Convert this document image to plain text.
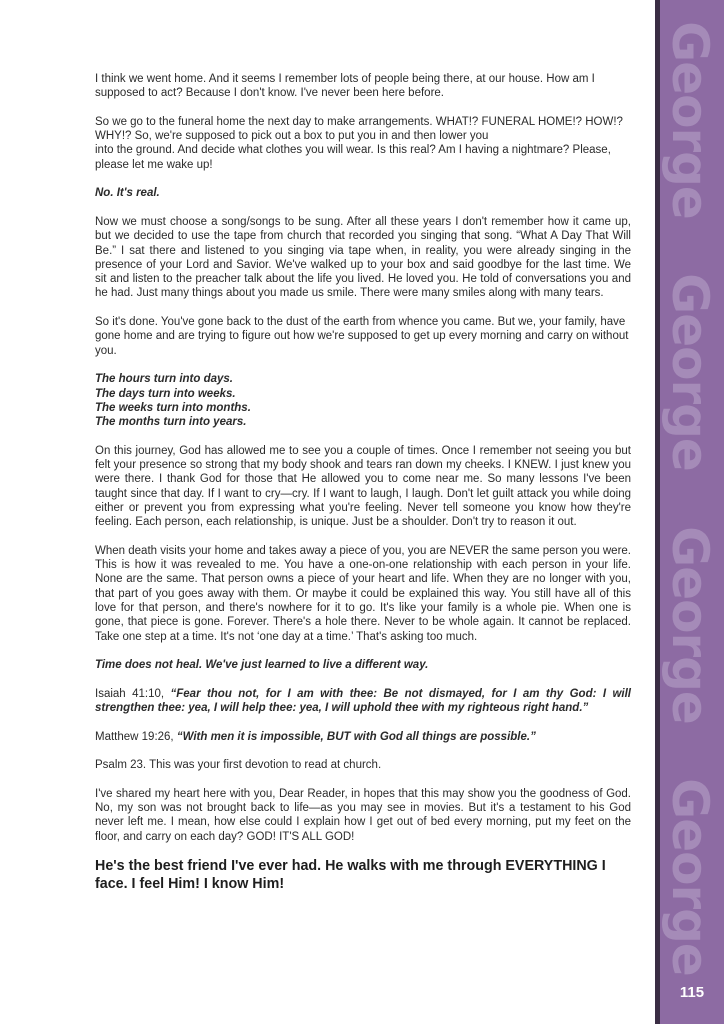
I think we went home. And it seems I remember lots of people being there, at our house. How am I supposed to act? Because I don't know. I've never been here before.

So we go to the funeral home the next day to make arrangements. WHAT!? FUNERAL HOME!? HOW!? WHY!? So, we're supposed to pick out a box to put you in and then lower you
into the ground. And decide what clothes you will wear. Is this real? Am I having a nightmare? Please, please let me wake up!

No. It's real.

Now we must choose a song/songs to be sung. After all these years I don't remember how it came up, but we decided to use the tape from church that recorded you singing that song. “What A Day That Will Be.” I sat there and listened to you singing via tape when, in reality, you were already singing in the presence of your Lord and Savior. We've walked up to your box and said goodbye for the last time. We sit and listen to the preacher talk about the life you lived. He loved you. He told of conversations you and he had. Just many things about you made us smile. There were many smiles along with many tears.

So it's done. You've gone back to the dust of the earth from whence you came. But we, your family, have gone home and are trying to figure out how we're supposed to get up every morning and carry on without you.

The hours turn into days.
The days turn into weeks.
The weeks turn into months.
The months turn into years.

On this journey, God has allowed me to see you a couple of times. Once I remember not seeing you but felt your presence so strong that my body shook and tears ran down my cheeks. I KNEW. I just knew you were there. I thank God for those that He allowed you to come near me. So many lessons I've been taught since that day. If I want to cry—cry. If I want to laugh, I laugh. Don't let guilt attack you while doing either or prevent you from expressing what you're feeling. Never tell someone you know how they're feeling. Each person, each relationship, is unique. Just be a shoulder. Don't try to reason it out.

When death visits your home and takes away a piece of you, you are NEVER the same person you were. This is how it was revealed to me. You have a one-on-one relationship with each person in your life. None are the same. That person owns a piece of your heart and life. When they are no longer with you, that part of you goes away with them. Or maybe it could be explained this way. You still have all of this love for that person, and there's nowhere for it to go. It's like your family is a whole pie. When one is gone, that piece is gone. Forever. There's a hole there. Never to be whole again. It cannot be replaced. Take one step at a time. It's not ‘one day at a time.’ That's asking too much.

Time does not heal. We've just learned to live a different way.

Isaiah 41:10, “Fear thou not, for I am with thee: Be not dismayed, for I am thy God: I will strengthen thee: yea, I will help thee: yea, I will uphold thee with my righteous right hand.”

Matthew 19:26, “With men it is impossible, BUT with God all things are possible.”

Psalm 23. This was your first devotion to read at church.

I've shared my heart here with you, Dear Reader, in hopes that this may show you the goodness of God. No, my son was not brought back to life—as you may see in movies. But it's a testament to his God never left me. I mean, how else could I explain how I get out of bed every morning, put my feet on the floor, and carry on each day? GOD! IT'S ALL GOD!

He's the best friend I've ever had. He walks with me through EVERYTHING I face. I feel Him! I know Him!

George
George
George
George
115
